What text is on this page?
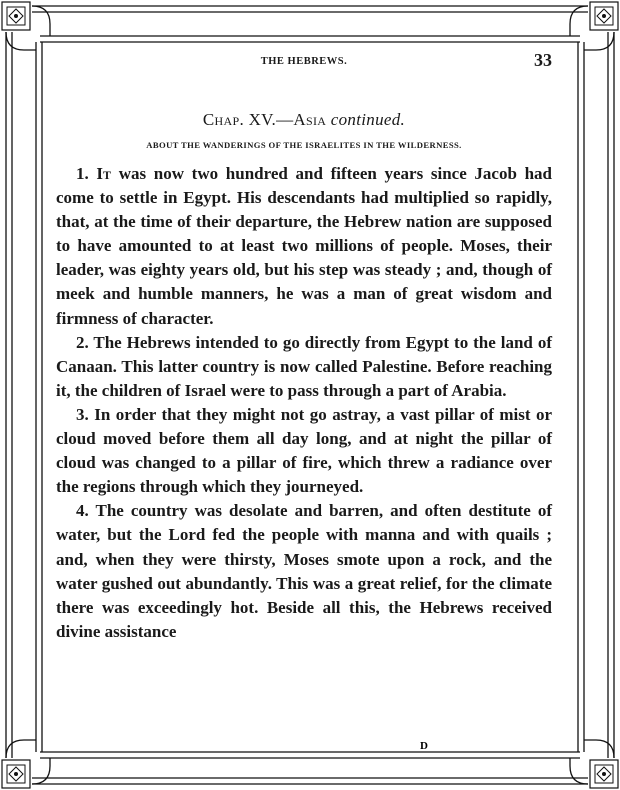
THE HEBREWS.	33
Chap. XV.—Asia continued.
ABOUT THE WANDERINGS OF THE ISRAELITES IN THE WILDERNESS.

1. It was now two hundred and fifteen years since Jacob had come to settle in Egypt. His descendants had multiplied so rapidly, that, at the time of their departure, the Hebrew nation are supposed to have amounted to at least two millions of people. Moses, their leader, was eighty years old, but his step was steady ; and, though of meek and humble manners, he was a man of great wisdom and firmness of character.

2. The Hebrews intended to go directly from Egypt to the land of Canaan. This latter country is now called Palestine. Before reaching it, the children of Israel were to pass through a part of Arabia.

3. In order that they might not go astray, a vast pillar of mist or cloud moved before them all day long, and at night the pillar of cloud was changed to a pillar of fire, which threw a radiance over the regions through which they journeyed.

4. The country was desolate and barren, and often destitute of water, but the Lord fed the people with manna and with quails ; and, when they were thirsty, Moses smote upon a rock, and the water gushed out abundantly. This was a great relief, for the climate there was exceedingly hot. Beside all this, the Hebrews received divine assistance

D
